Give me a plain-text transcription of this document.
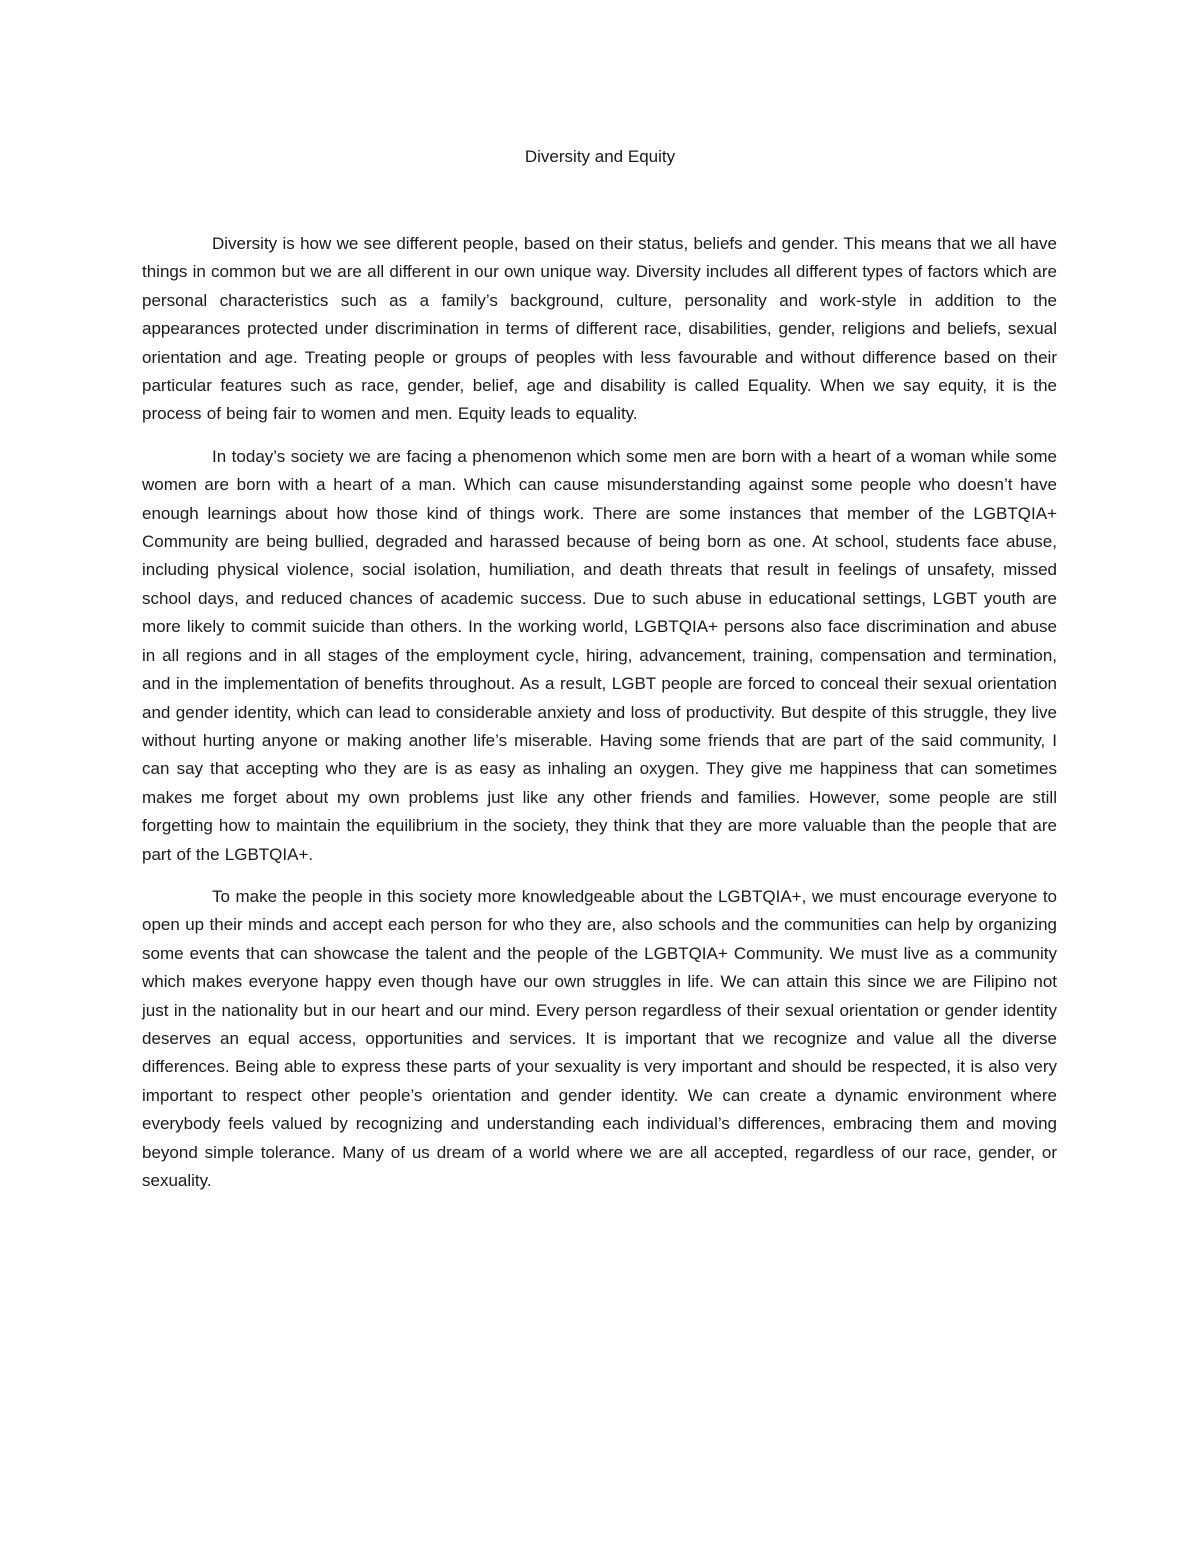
Diversity and Equity

Diversity is how we see different people, based on their status, beliefs and gender. This means that we all have things in common but we are all different in our own unique way. Diversity includes all different types of factors which are personal characteristics such as a family’s background, culture, personality and work-style in addition to the appearances protected under discrimination in terms of different race, disabilities, gender, religions and beliefs, sexual orientation and age. Treating people or groups of peoples with less favourable and without difference based on their particular features such as race, gender, belief, age and disability is called Equality. When we say equity, it is the process of being fair to women and men. Equity leads to equality.

In today’s society we are facing a phenomenon which some men are born with a heart of a woman while some women are born with a heart of a man. Which can cause misunderstanding against some people who doesn’t have enough learnings about how those kind of things work. There are some instances that member of the LGBTQIA+ Community are being bullied, degraded and harassed because of being born as one. At school, students face abuse, including physical violence, social isolation, humiliation, and death threats that result in feelings of unsafety, missed school days, and reduced chances of academic success. Due to such abuse in educational settings, LGBT youth are more likely to commit suicide than others. In the working world, LGBTQIA+ persons also face discrimination and abuse in all regions and in all stages of the employment cycle, hiring, advancement, training, compensation and termination, and in the implementation of benefits throughout. As a result, LGBT people are forced to conceal their sexual orientation and gender identity, which can lead to considerable anxiety and loss of productivity. But despite of this struggle, they live without hurting anyone or making another life’s miserable. Having some friends that are part of the said community, I can say that accepting who they are is as easy as inhaling an oxygen. They give me happiness that can sometimes makes me forget about my own problems just like any other friends and families. However, some people are still forgetting how to maintain the equilibrium in the society, they think that they are more valuable than the people that are part of the LGBTQIA+.

To make the people in this society more knowledgeable about the LGBTQIA+, we must encourage everyone to open up their minds and accept each person for who they are, also schools and the communities can help by organizing some events that can showcase the talent and the people of the LGBTQIA+ Community. We must live as a community which makes everyone happy even though have our own struggles in life. We can attain this since we are Filipino not just in the nationality but in our heart and our mind. Every person regardless of their sexual orientation or gender identity deserves an equal access, opportunities and services. It is important that we recognize and value all the diverse differences. Being able to express these parts of your sexuality is very important and should be respected, it is also very important to respect other people’s orientation and gender identity. We can create a dynamic environment where everybody feels valued by recognizing and understanding each individual’s differences, embracing them and moving beyond simple tolerance. Many of us dream of a world where we are all accepted, regardless of our race, gender, or sexuality.
